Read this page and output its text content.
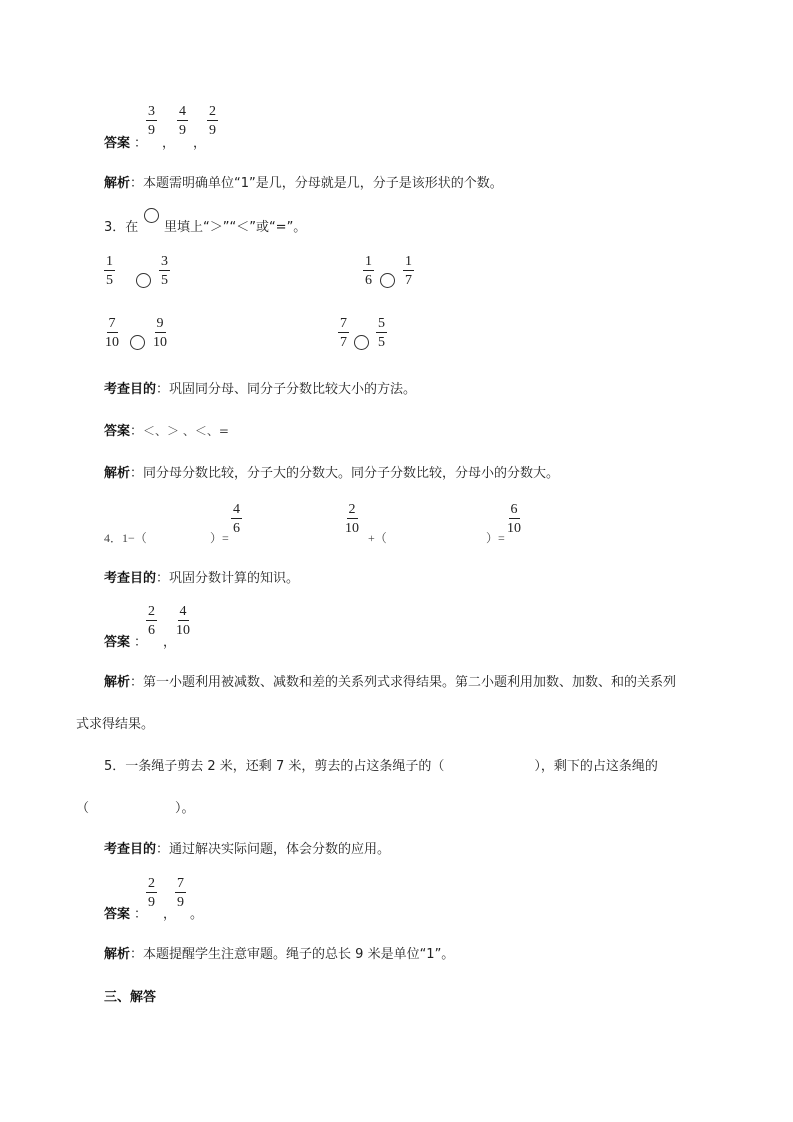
答案 ：
$\frac{3}{9}$
，
$\frac{4}{9}$
，
$\frac{2}{9}$
解析：本题需明确单位“1”是几，分母就是几，分子是该形状的个数。
3．在 里填上“＞”“＜”或“=”。
$\frac{1}{5}$	$\frac{3}{5}$	$\frac{1}{6} \frac{1}{7}$
$\frac{7}{10} \frac{9}{10}$	$\frac{7}{7} \frac{5}{5}$
考查目的：巩固同分母、同分子分数比较大小的方法。
答案：＜、＞ 、＜、=
解析：同分母分数比较，分子大的分数大。同分子分数比较，分母小的分数大。
4．1−（	）=
$\frac{4}{6}$	$\frac{2}{10}$
+（	）=
$\frac{6}{10}$
考查目的：巩固分数计算的知识。
答案 ：
$\frac{2}{6}$
，
$\frac{4}{10}$
解析：第一小题利用被减数、减数和差的关系列式求得结果。第二小题利用加数、加数、和的关系列
式求得结果。
5．一条绳子剪去 2 米，还剩 7 米，剪去的占这条绳子的（	），剩下的占这条绳的
（	）。
考查目的：通过解决实际问题，体会分数的应用。
答案 ：
$\frac{2}{9}$
，
$\frac{7}{9}$
。
解析：本题提醒学生注意审题。绳子的总长 9 米是单位“1”。
三、解答
